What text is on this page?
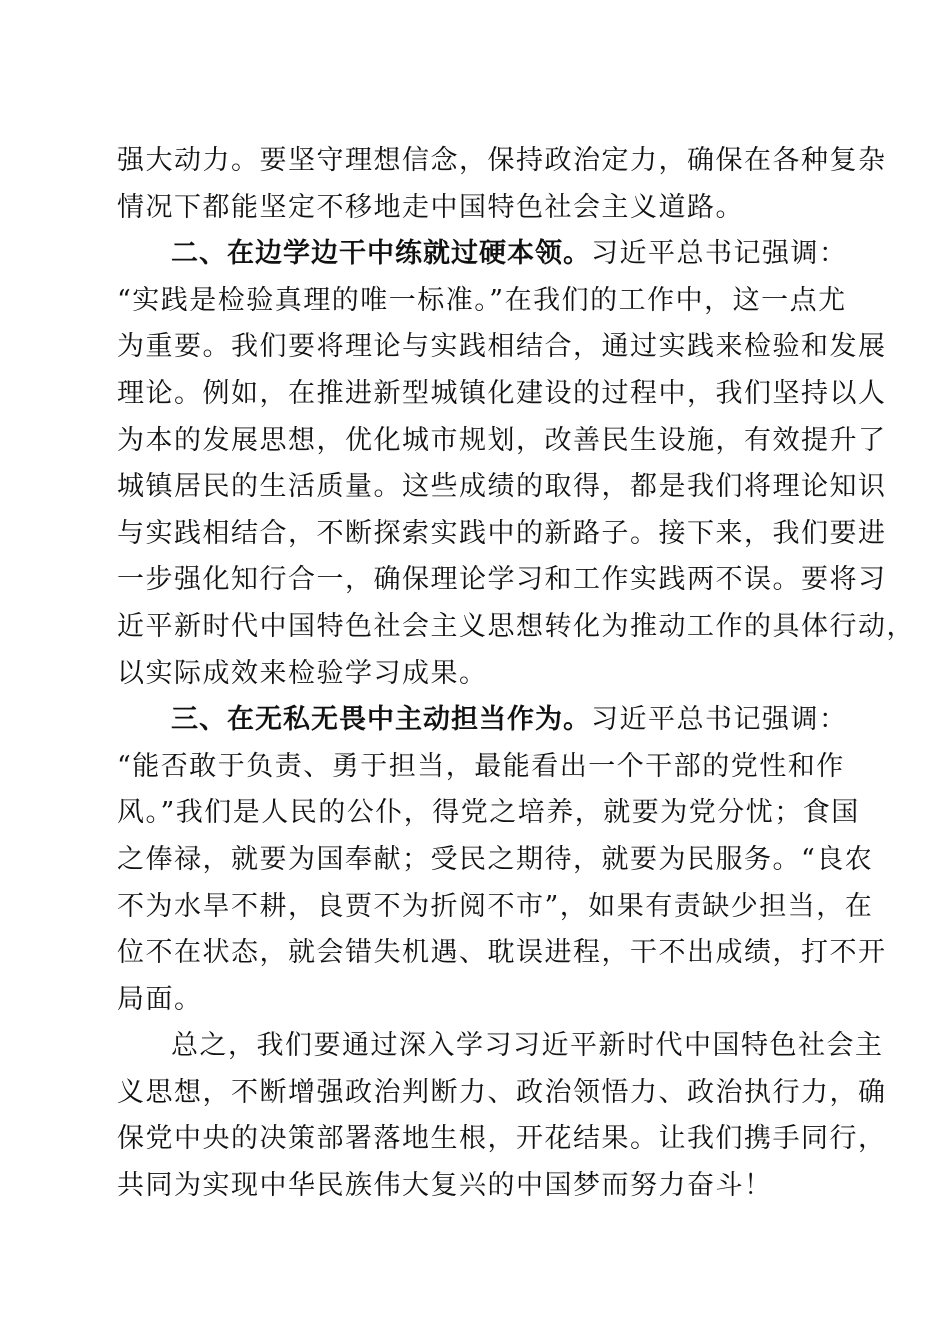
强大动力。要坚守理想信念，保持政治定力，确保在各种复杂
情况下都能坚定不移地走中国特色社会主义道路。
二、在边学边干中练就过硬本领。习近平总书记强调：
“实践是检验真理的唯一标准。”在我们的工作中，这一点尤
为重要。我们要将理论与实践相结合，通过实践来检验和发展
理论。例如，在推进新型城镇化建设的过程中，我们坚持以人
为本的发展思想，优化城市规划，改善民生设施，有效提升了
城镇居民的生活质量。这些成绩的取得，都是我们将理论知识
与实践相结合，不断探索实践中的新路子。接下来，我们要进
一步强化知行合一，确保理论学习和工作实践两不误。要将习
近平新时代中国特色社会主义思想转化为推动工作的具体行动，
以实际成效来检验学习成果。
三、在无私无畏中主动担当作为。习近平总书记强调：
“能否敢于负责、勇于担当，最能看出一个干部的党性和作
风。”我们是人民的公仆，得党之培养，就要为党分忧；食国
之俸禄，就要为国奉献；受民之期待，就要为民服务。“良农
不为水旱不耕，良贾不为折阅不市”，如果有责缺少担当，在
位不在状态，就会错失机遇、耽误进程，干不出成绩，打不开
局面。
总之，我们要通过深入学习习近平新时代中国特色社会主
义思想，不断增强政治判断力、政治领悟力、政治执行力，确
保党中央的决策部署落地生根，开花结果。让我们携手同行，
共同为实现中华民族伟大复兴的中国梦而努力奋斗！
